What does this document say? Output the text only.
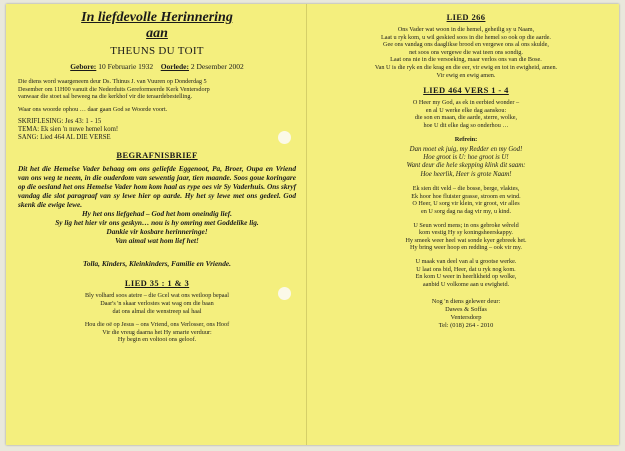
In liefdevolle Herinnering

aan

THEUNS DU TOIT
Gebore: 10 Februarie 1932 Oorlede: 2 Desember 2002
Die diens word waargeneem deur Ds. Thinus J. van Vuuren op Donderdag 5
Desember om 11H00 vanuit die Nederduits Gereformeerde Kerk Ventersdorp
vanwaar die stoet sal beweeg na die kerkhof vir die teraardebestelling.
Waar ons woorde ophou … daar gaan God se Woorde voort.
SKRIFLESING: Jes 43: 1 - 15
TEMA: Ek sien 'n nuwe hemel kom!
SANG: Lied 464 AL DIE VERSE
BEGRAFNISBRIEF

Dit het die Hemelse Vader behaag om ons geliefde Eggenoot, Pa, Broer, Oupa en Vriend van ons weg te neem, in die ouderdom van sewentig jaar, tien maande. Soos goue koringare op die oesland het ons Hemelse Vader hom kom haal as rype oes vir Sy Vaderhuis. Ons skryf vandag die slot paragraaf van sy lewe hier op aarde. Hy het sy lewe met ons gedeel. God skenk die ewige lewe.

Hy het ons liefgehad – God het hom oneindig lief.

Sy lig het hier vir ons geskyn… nou is hy omring met Goddelike lig.

Dankie vir kosbare herinneringe!

Van aimal wat hom lief het!

Tolla, Kinders, Kleinkinders, Familie en Vriende.
LIED 35 : 1 & 3
Bly volhard soos ateire – die Gcel wat ons weiloop bepaal
Daar's 'n skaar verlostes wat wag om die baan
dat ons almal die wenstreep sal haal
Hou die oë op Jesus – ons Vriend, ons Verlosser, ons Hoof
Vir die vreug daarna het Hy smarte verduur:
Hy begin en voltooi ons geloof.
LIED 266
Ons Vader wat woon in die hemel, geheilig sy u Naam,
Laat u ryk kom, u wil geskied soos in die hemel so ook op die aarde.
Gee ons vandag ons daaglikse brood en vergewe ons al ons skulde,
net soos ons vergewe die wat teen ons sondig.
Laat ons nie in die versoeking, maar verlos ons van die Bose.
Van U is die ryk en die krag en die eer, vir ewig en tot in ewigheid, amen.
Vir ewig en ewig amen.
LIED 464 VERS 1 - 4
O Heer my God, as ek in eerbied wonder –
en al U werke elke dag aanskou:
die son en maan, die aarde, sterre, wolke,
hoe U dit elke dag so onderhou …
Refrein:
Dan moet ek juig, my Redder en my God!
Hoe groot is U: hoe groot is U!
Want deur die hele skepping klink dit saam:
Hoe heerlik, Heer is grote Naam!
Ek sien dit veld – die bosse, berge, vlaktes,
Ek hoor hoe fluister grasse, stroom en wind.
O Heer, U sorg vir klein, vir groot, vir alles
en U sorg dag na dag vir my, u kind.
U Seun word mens; in ons gebroke wêreld
kom vestig Hy sy koningsheerskappy.
Hy smeek weer heel wat sonde kyer gebreek het.
Hy bring weer hoop en redding – ook vir my.
U maak van deel van al u grootse werke.
U laat ons bid, Heer, dat u ryk nog kom.
En kom U weer in heerlikheid op wolke,
aanbid U volkome aan u ewigheid.
Nog 'n diens gelewer deur:
Dawes & Soffas
Ventersdorp
Tel: (018) 264 - 2010
